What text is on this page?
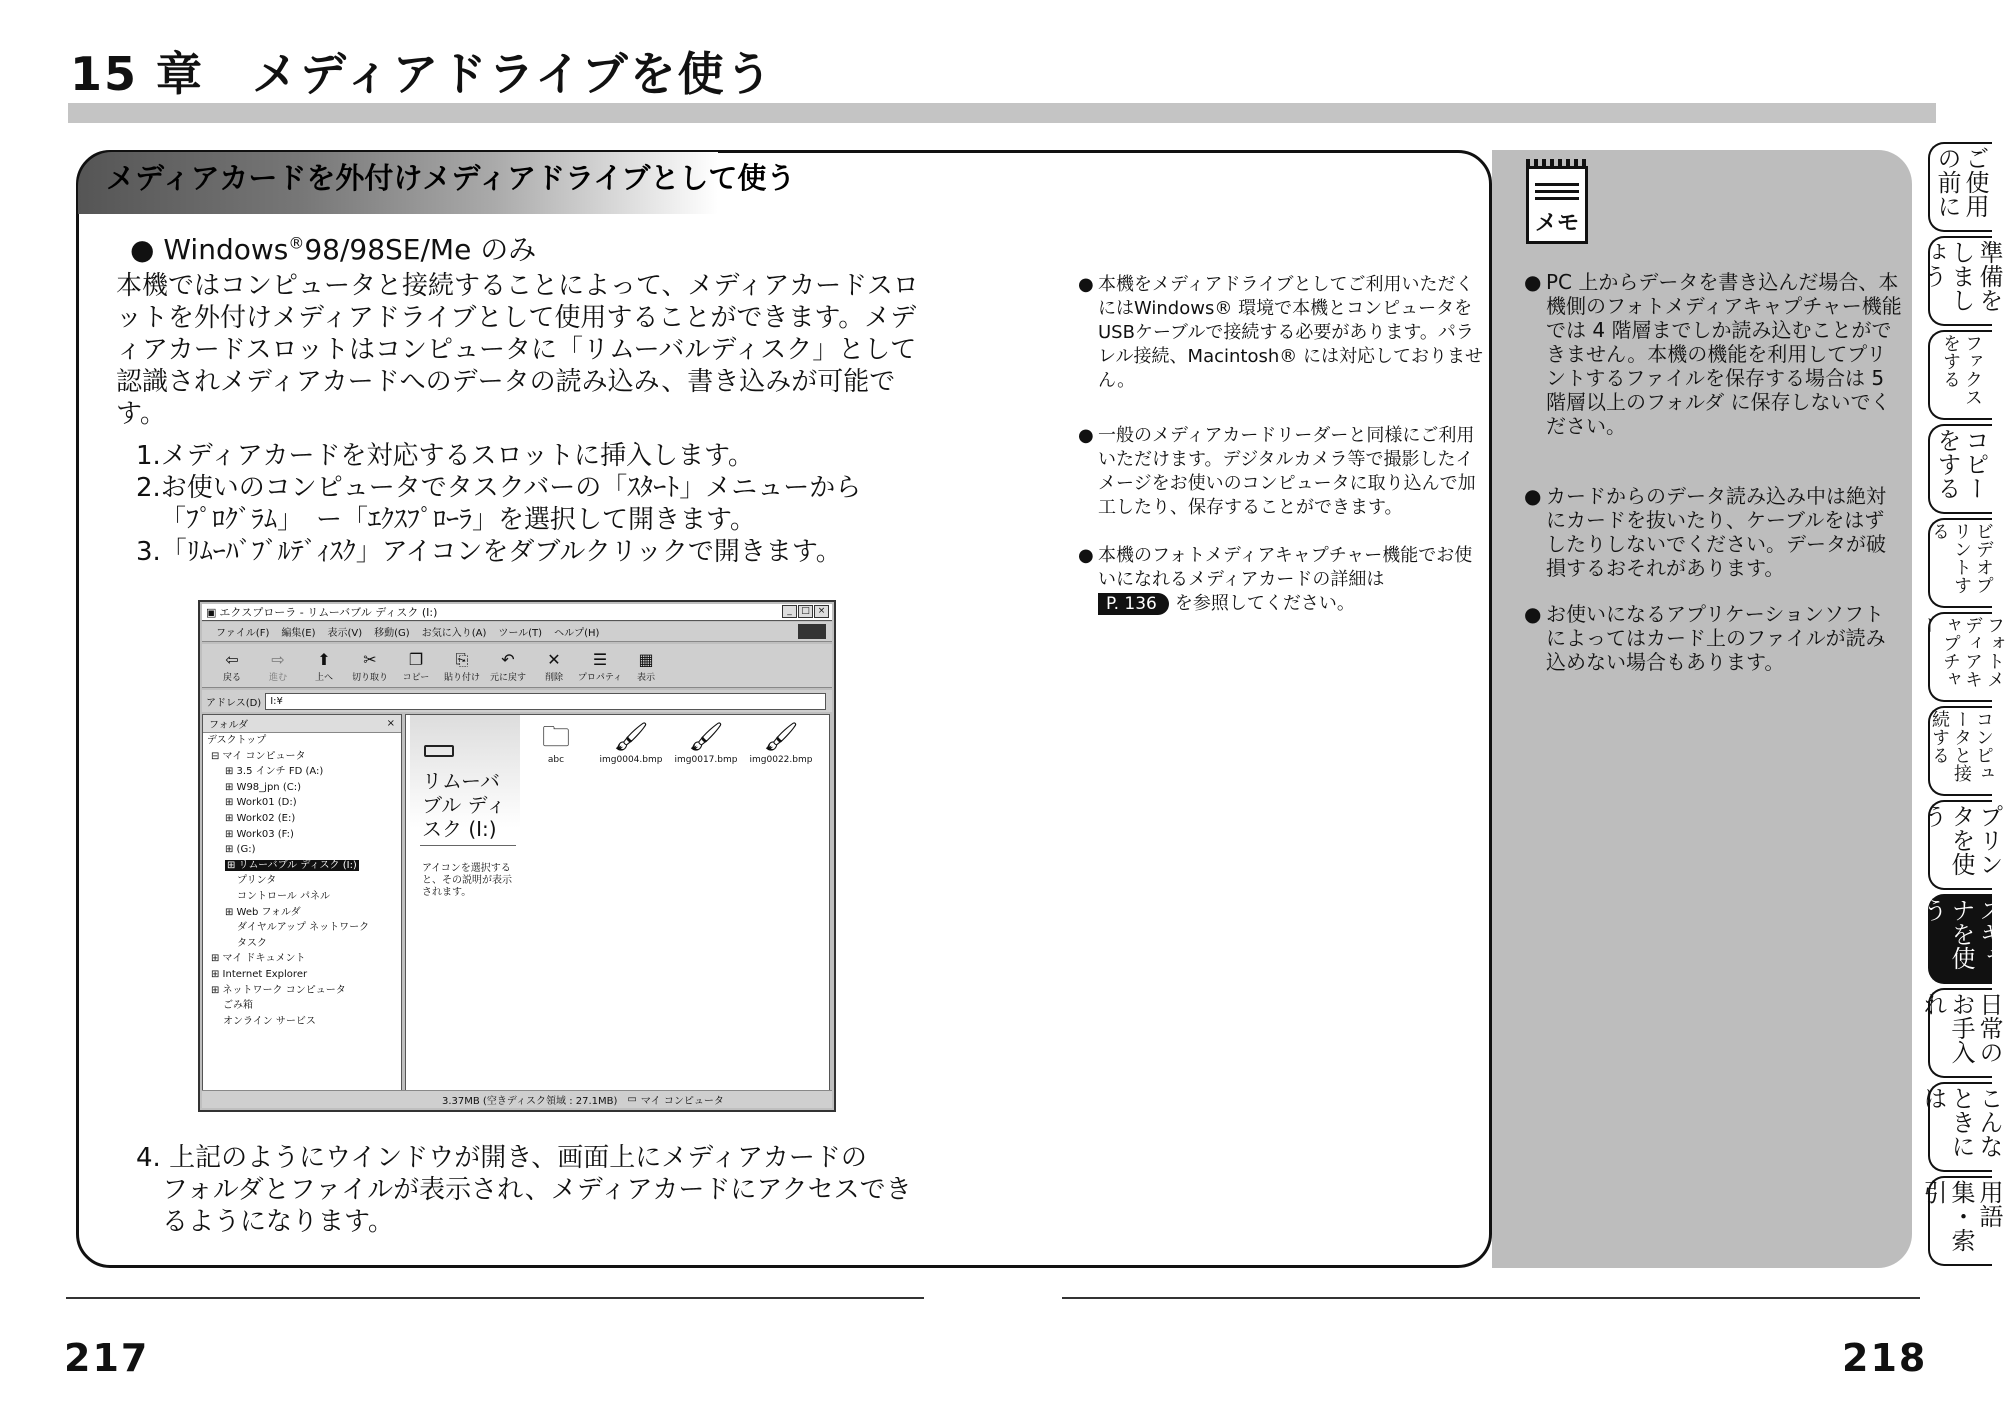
15 章　メディアドライブを使う
メディアカードを外付けメディアドライブとして使う
● Windows®98/98SE/Me のみ
本機ではコンピュータと接続することによって、メディアカードスロットを外付けメディアドライブとして使用することができます。メディアカードスロットはコンピュータに「リムーバルディスク」として認識されメディアカードへのデータの読み込み、書き込みが可能です。
1.メディアカードを対応するスロットに挿入します。
2.お使いのコンピュータでタスクバーの「ｽﾀｰﾄ」メニューから
「ﾌﾟﾛｸﾞﾗﾑ」　ー「ｴｸｽﾌﾟﾛｰﾗ」を選択して開きます。
3.「ﾘﾑｰﾊﾞﾌﾞﾙﾃﾞｨｽｸ」アイコンをダブルクリックで開きます。
▣ エクスプローラ - リムーバブル ディスク (I:)	_	□ ×
ファイル(F) 編集(E) 表示(V) 移動(G) お気に入り(A) ツール(T) ヘルプ(H)
⇦
戻る
⇨
進む
⬆
上へ
✂
切り取り
❐
コピー
⎘
貼り付け
↶
元に戻す
✕
削除
☰
プロパティ
▦
表示
アドレス(D) I:¥
フォルダ	×
デスクトップ
⊟ マイ コンピュータ
⊞ 3.5 インチ FD (A:)
⊞ W98_jpn (C:)
⊞ Work01 (D:)
⊞ Work02 (E:)
⊞ Work03 (F:)
⊞ (G:)
⊞ リムーバブル ディスク (I:)
プリンタ
コントロール パネル
⊞ Web フォルダ
ダイヤルアップ ネットワーク
タスク
⊞ マイ ドキュメント
⊞ Internet Explorer
⊞ ネットワーク コンピュータ
ごみ箱
オンライン サービス
リムーバブル ディスク (I:)
アイコンを選択すると、その説明が表示されます。
🗀
abc
🖌
img0004.bmp
🖌
img0017.bmp
🖌
img0022.bmp
3.37MB (空きディスク領域 : 27.1MB) ▭ マイ コンピュータ
4. 上記のようにウインドウが開き、画面上にメディアカードの
フォルダとファイルが表示され、メディアカードにアクセスできるようになります。
● 本機をメディアドライブとしてご利用いただくにはWindows® 環境で本機とコンピュータをUSBケーブルで接続する必要があります。パラレル接続、Macintosh® には対応しておりません。
● 一般のメディアカードリーダーと同様にご利用いただけます。デジタルカメラ等で撮影したイメージをお使いのコンピュータに取り込んで加工したり、保存することができます。
● 本機のフォトメディアキャプチャー機能でお使いになれるメディアカードの詳細は
P. 136 を参照してください。
メモ
● PC 上からデータを書き込んだ場合、本機側のフォトメディアキャプチャー機能では 4 階層までしか読み込むことができません。本機の機能を利用してプリントするファイルを保存する場合は 5 階層以上のフォルダ に保存しないでください。
● カードからのデータ読み込み中は絶対にカードを抜いたり、ケーブルをはずしたりしないでください。データが破損するおそれがあります。
● お使いになるアプリケーションソフトによってはカード上のファイルが読み込めない場合もあります。
ご使用の前に
準備をしましょう
ファクスをする
コピーをする
ビデオプリントする
フォトメディアキャプチャー
コンピュータと接続する
プリンタを使う
スキャナを使う
日常のお手入れ
こんなときには
用語集・索引
217	218
